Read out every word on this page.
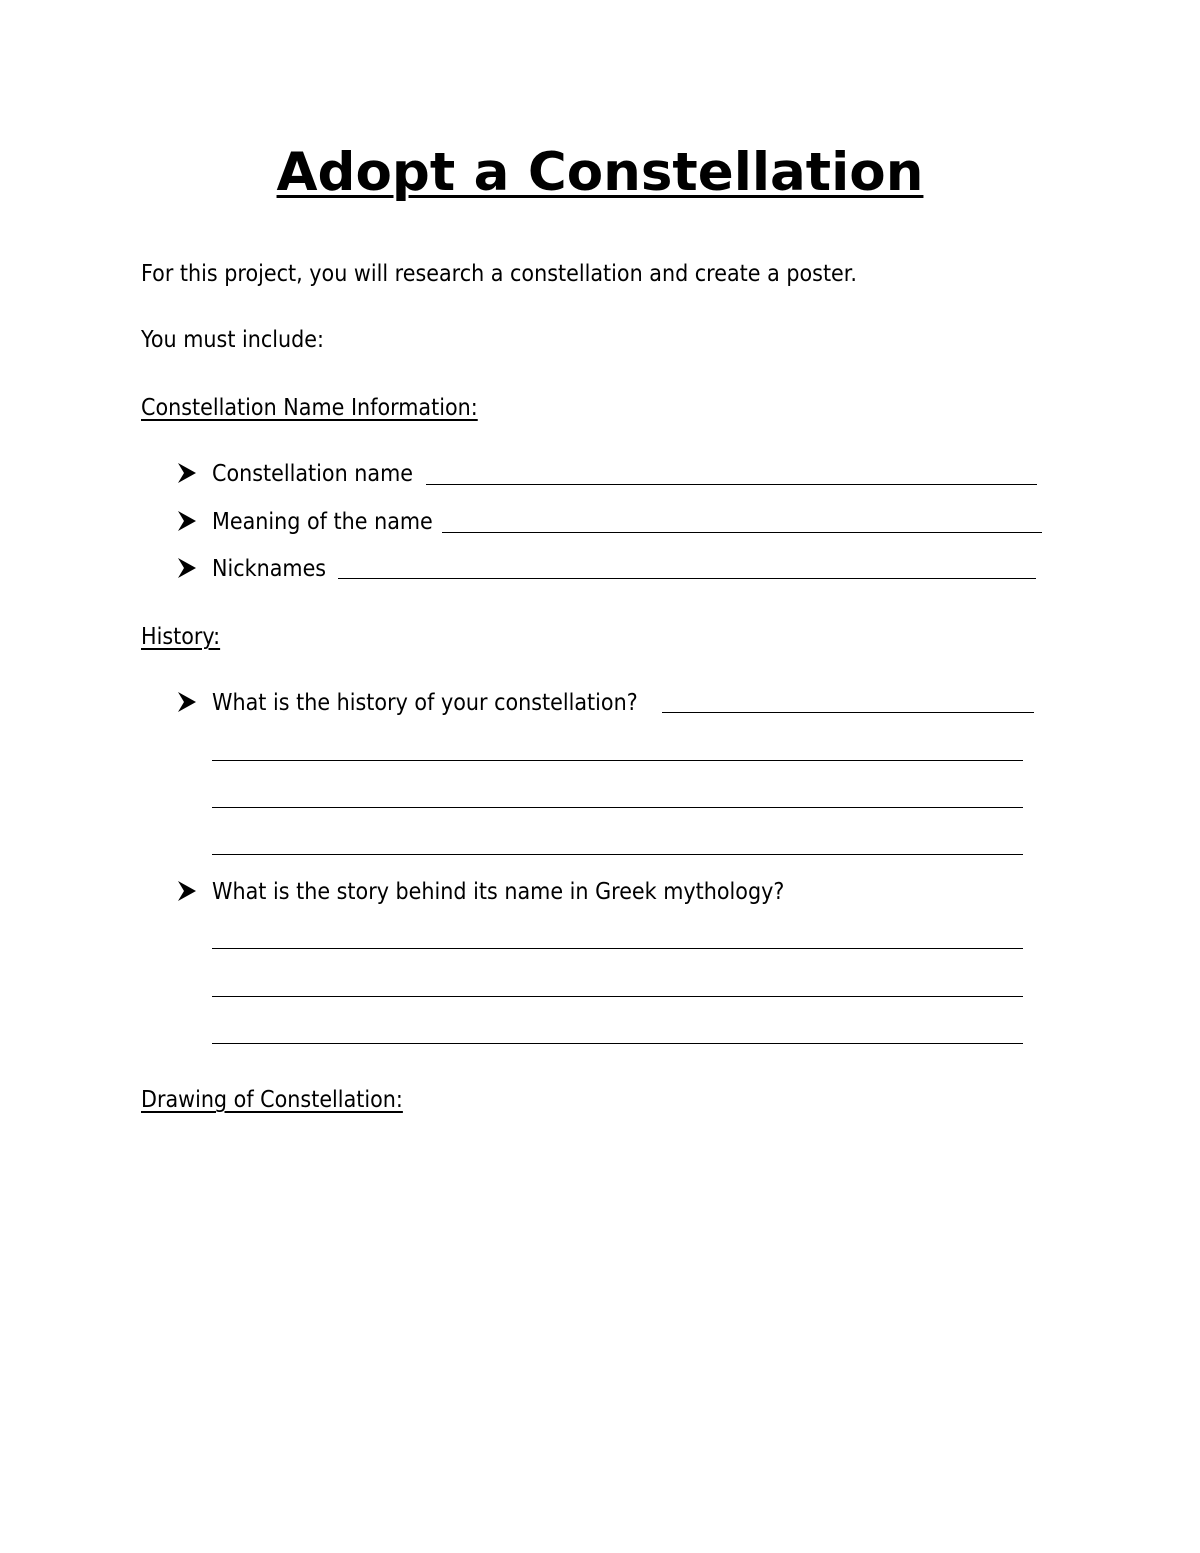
Adopt a Constellation
For this project, you will research a constellation and create a poster.
You must include:
Constellation Name Information:
Constellation name
Meaning of the name
Nicknames
History:
What is the history of your constellation?
What is the story behind its name in Greek mythology?
Drawing of Constellation:
